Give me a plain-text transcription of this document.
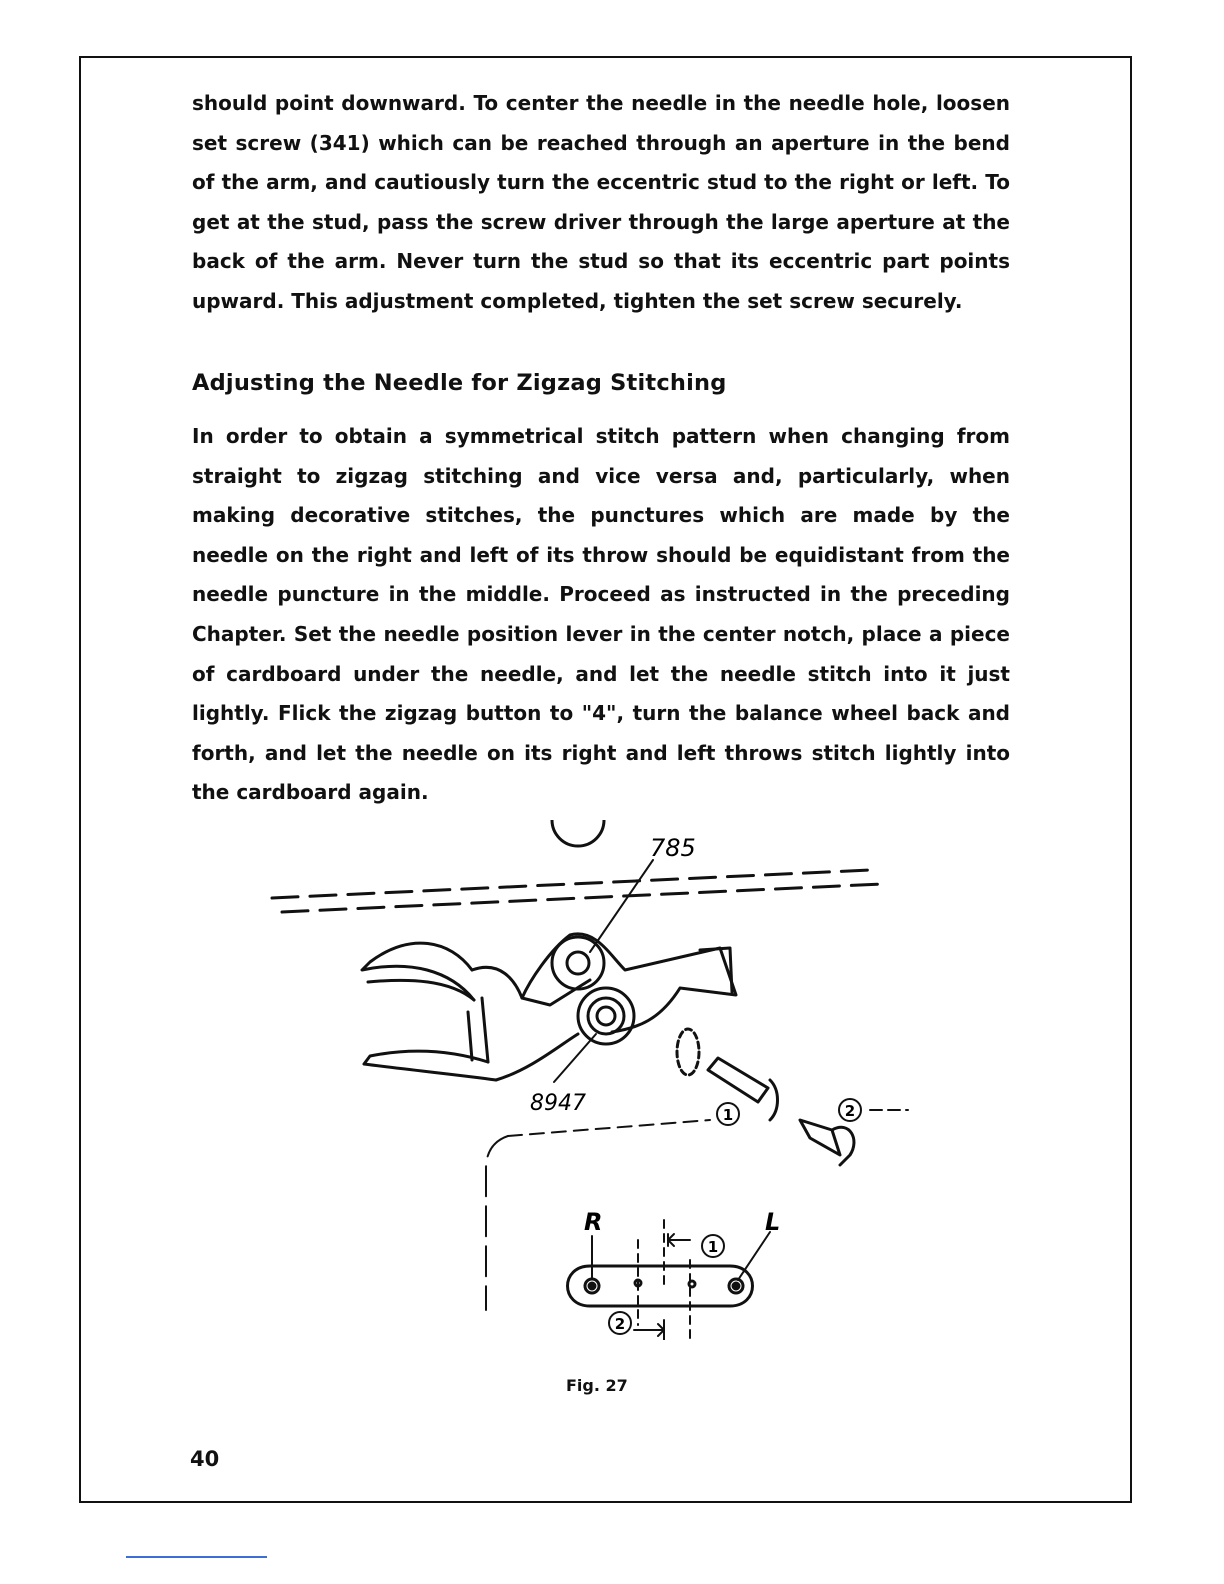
should point downward. To center the needle in the needle hole, loosen set screw (341) which can be reached through an aperture in the bend of the arm, and cautiously turn the eccentric stud to the right or left. To get at the stud, pass the screw driver through the large aperture at the back of the arm. Never turn the stud so that its eccentric part points upward. This adjustment completed, tighten the set screw securely.
Adjusting the Needle for Zigzag Stitching
In order to obtain a symmetrical stitch pattern when changing from straight to zigzag stitching and vice versa and, particularly, when making decorative stitches, the punctures which are made by the needle on the right and left of its throw should be equidistant from the needle puncture in the middle. Proceed as instructed in the preceding Chapter. Set the needle position lever in the center notch, place a piece of cardboard under the needle, and let the needle stitch into it just lightly. Flick the zigzag button to "4", turn the balance wheel back and forth, and let the needle on its right and left throws stitch lightly into the cardboard again.
785
8947
R	L
1	2
1
2
Fig. 27
40
